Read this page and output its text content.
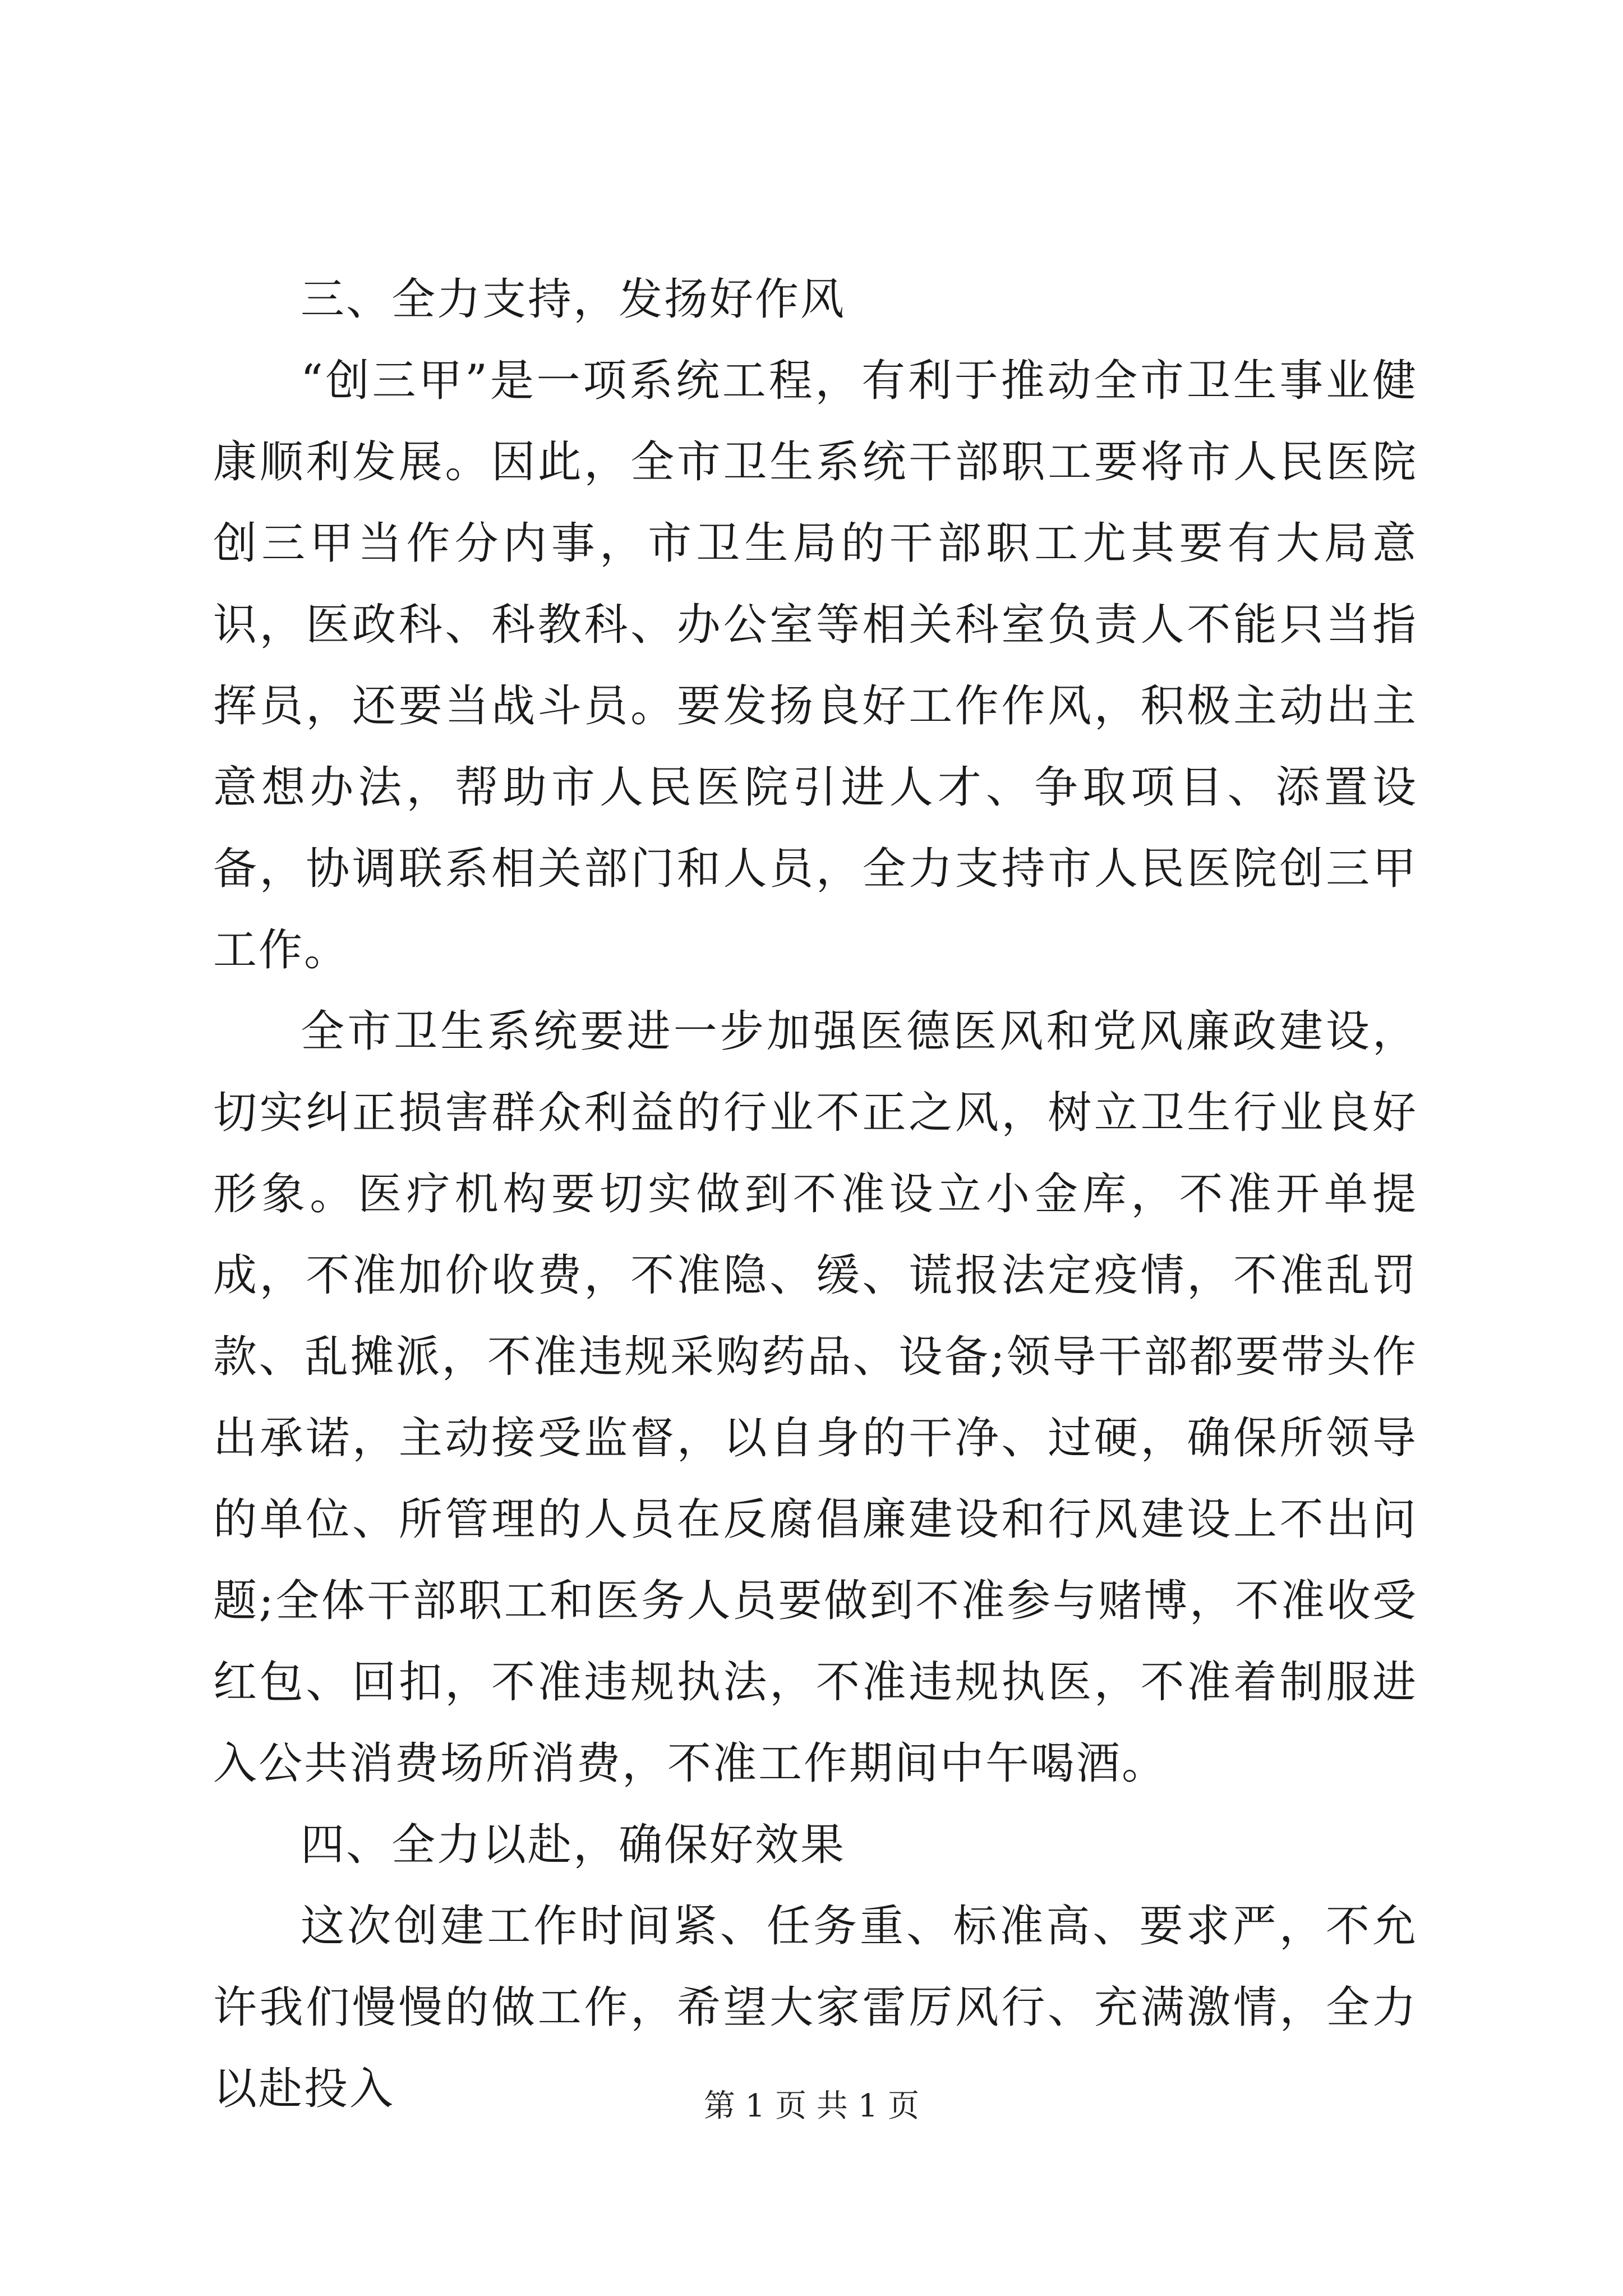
三、全力支持，发扬好作风

“创三甲”是一项系统工程，有利于推动全市卫生事业健康顺利发展。因此，全市卫生系统干部职工要将市人民医院创三甲当作分内事，市卫生局的干部职工尤其要有大局意识，医政科、科教科、办公室等相关科室负责人不能只当指挥员，还要当战斗员。要发扬良好工作作风，积极主动出主意想办法，帮助市人民医院引进人才、争取项目、添置设备，协调联系相关部门和人员，全力支持市人民医院创三甲工作。

全市卫生系统要进一步加强医德医风和党风廉政建设，切实纠正损害群众利益的行业不正之风，树立卫生行业良好形象。医疗机构要切实做到不准设立小金库，不准开单提成，不准加价收费，不准隐、缓、谎报法定疫情，不准乱罚款、乱摊派，不准违规采购药品、设备;领导干部都要带头作出承诺，主动接受监督，以自身的干净、过硬，确保所领导的单位、所管理的人员在反腐倡廉建设和行风建设上不出问题;全体干部职工和医务人员要做到不准参与赌博，不准收受红包、回扣，不准违规执法，不准违规执医，不准着制服进入公共消费场所消费，不准工作期间中午喝酒。

四、全力以赴，确保好效果

这次创建工作时间紧、任务重、标准高、要求严，不允许我们慢慢的做工作，希望大家雷厉风行、充满激情，全力以赴投入	第 1 页 共 1 页
